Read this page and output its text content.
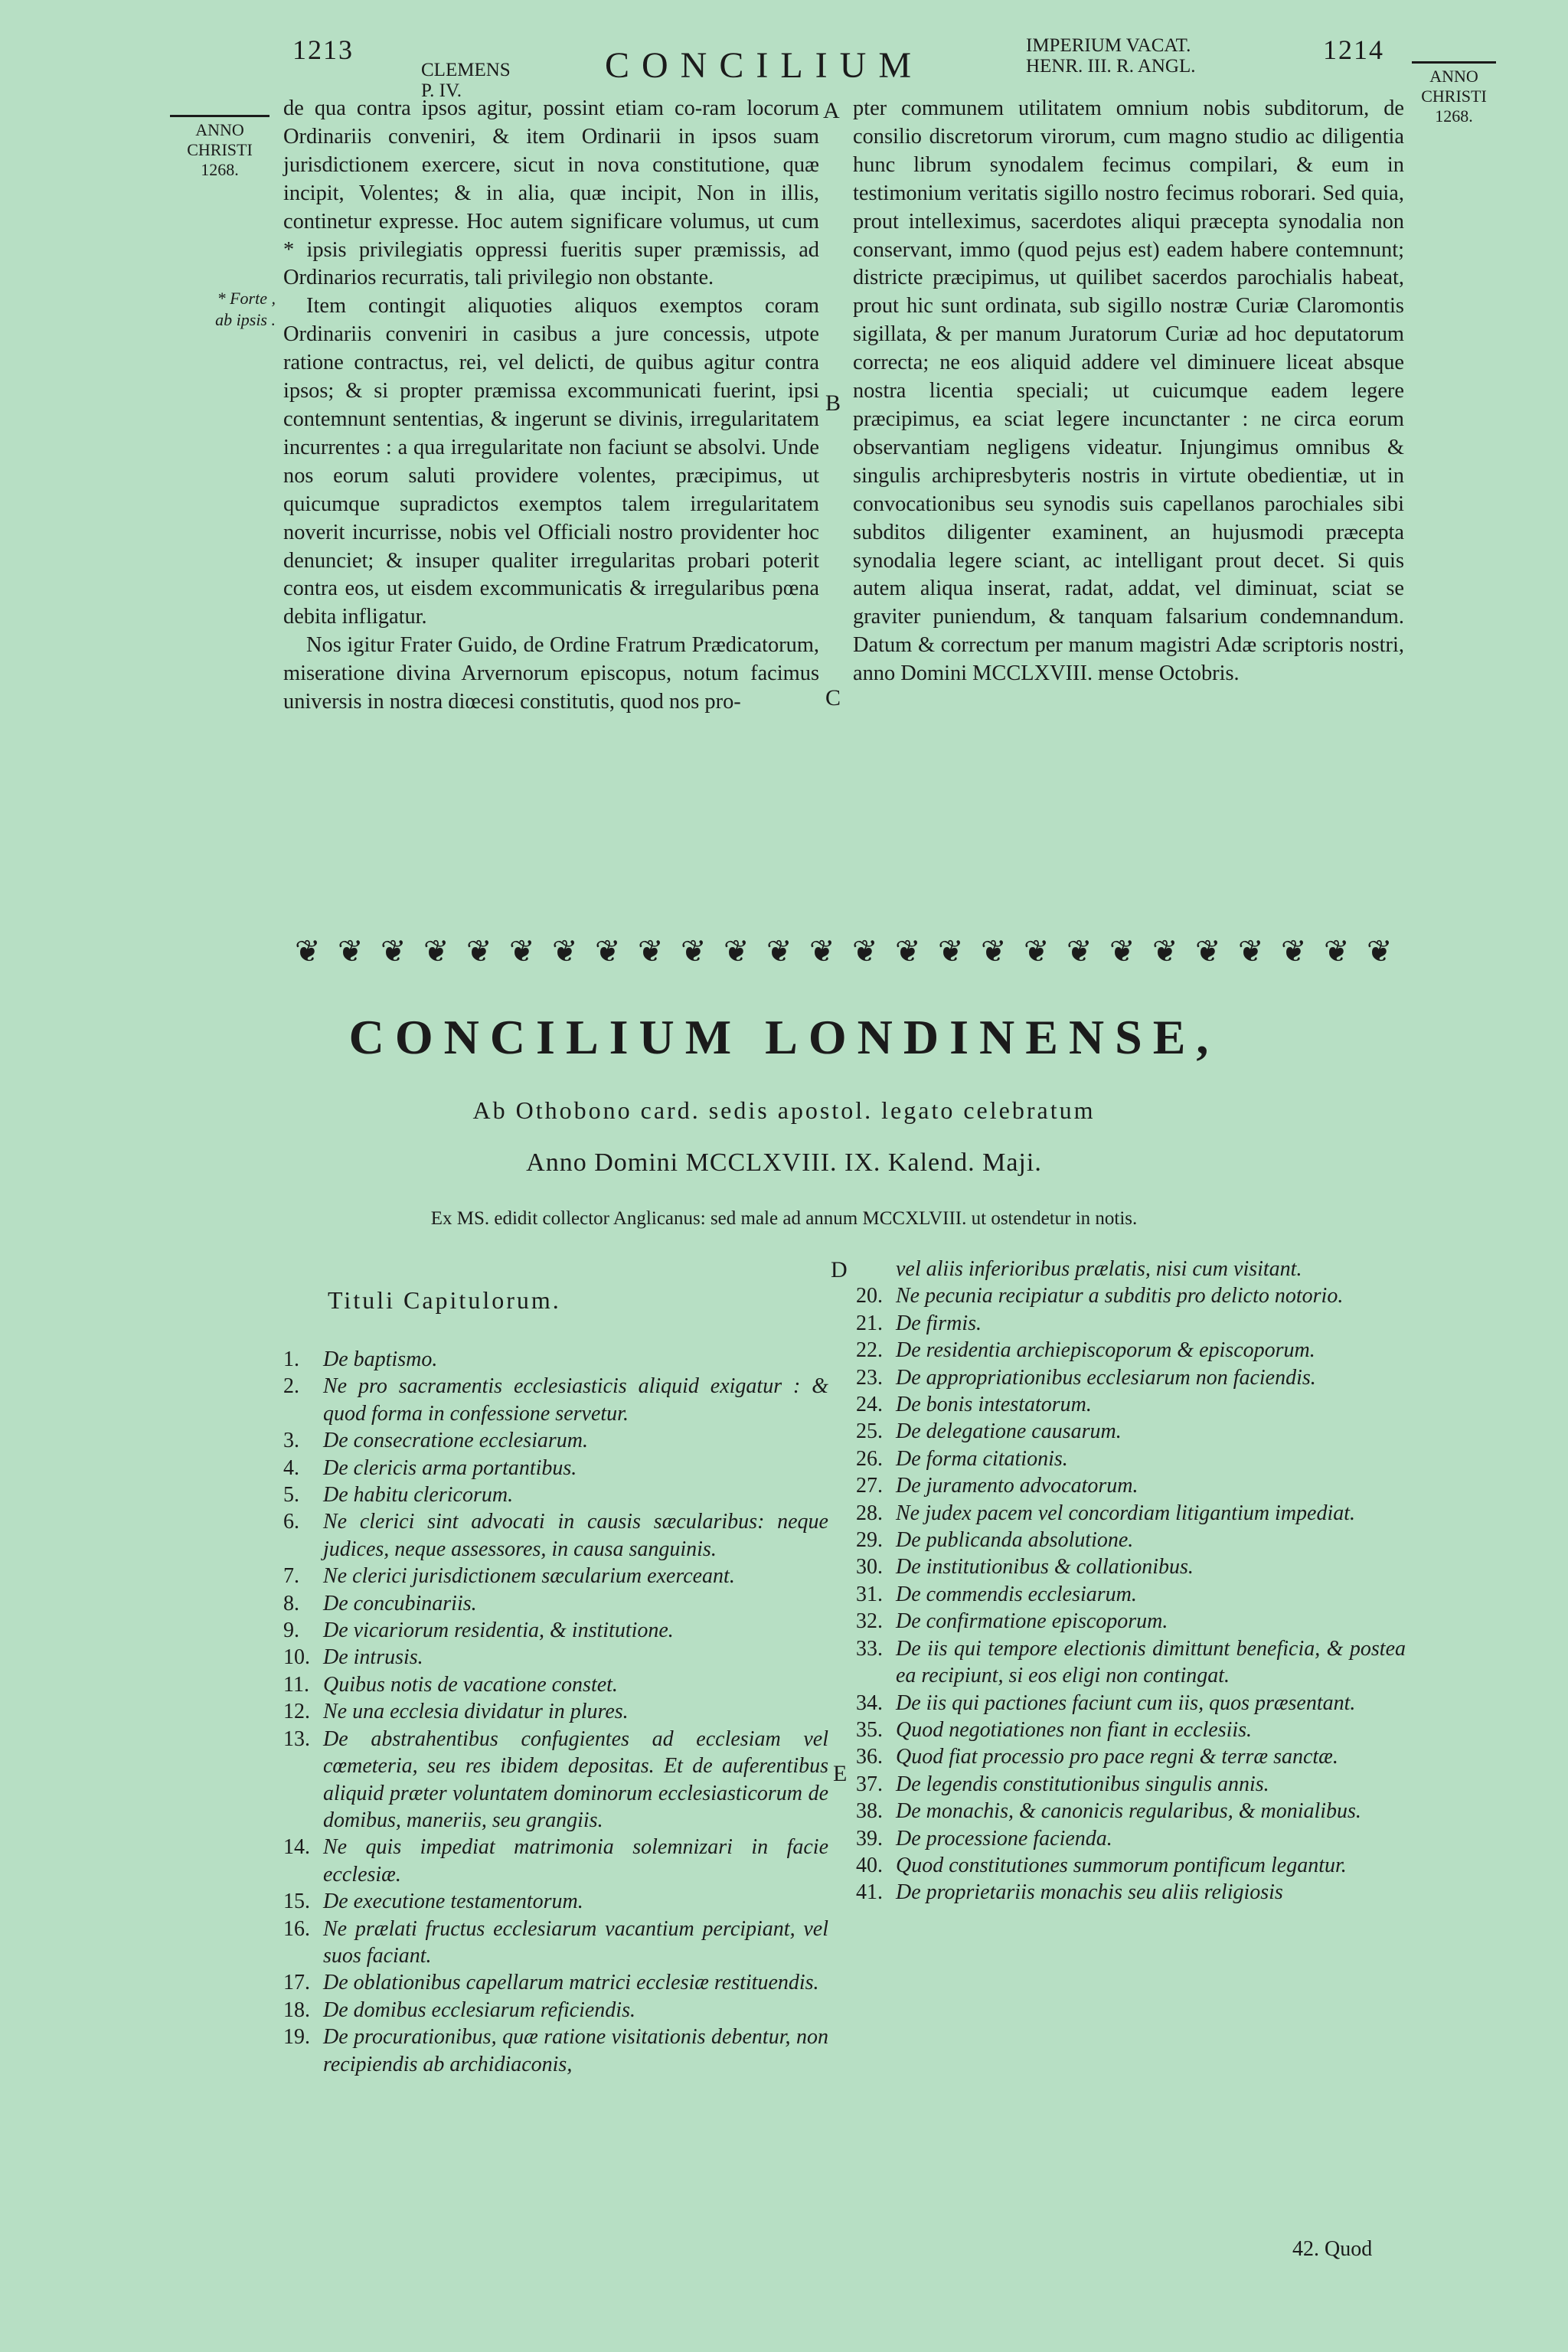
1213
CLEMENS
P. IV.
CONCILIUM	IMPERIUM VACAT.
HENR. III. R. ANGL.
1214
ANNO
CHRISTI
1268.
ANNO
CHRISTI
1268.
* Forte ,
ab ipsis .
A
B
C
D
E

de qua contra ipsos agitur, possint etiam co-ram locorum Ordinariis conveniri, & item Ordinarii in ipsos suam jurisdictionem exercere, sicut in nova constitutione, quæ incipit, Volentes; & in alia, quæ incipit, Non in illis, continetur expresse. Hoc autem significare volumus, ut cum * ipsis privilegiatis oppressi fueritis super præmissis, ad Ordinarios recurratis, tali privilegio non obstante.

Item contingit aliquoties aliquos exemptos coram Ordinariis conveniri in casibus a jure concessis, utpote ratione contractus, rei, vel delicti, de quibus agitur contra ipsos; & si propter præmissa excommunicati fuerint, ipsi contemnunt sententias, & ingerunt se divinis, irregularitatem incurrentes : a qua irregularitate non faciunt se absolvi. Unde nos eorum saluti providere volentes, præcipimus, ut quicumque supradictos exemptos talem irregularitatem noverit incurrisse, nobis vel Officiali nostro providenter hoc denunciet; & insuper qualiter irregularitas probari poterit contra eos, ut eisdem excommunicatis & irregularibus pœna debita infligatur.

Nos igitur Frater Guido, de Ordine Fratrum Prædicatorum, miseratione divina Arvernorum episcopus, notum facimus universis in nostra diœcesi constitutis, quod nos pro-

pter communem utilitatem omnium nobis subditorum, de consilio discretorum virorum, cum magno studio ac diligentia hunc librum synodalem fecimus compilari, & eum in testimonium veritatis sigillo nostro fecimus roborari. Sed quia, prout intelleximus, sacerdotes aliqui præcepta synodalia non conservant, immo (quod pejus est) eadem habere contemnunt; districte præcipimus, ut quilibet sacerdos parochialis habeat, prout hic sunt ordinata, sub sigillo nostræ Curiæ Claromontis sigillata, & per manum Juratorum Curiæ ad hoc deputatorum correcta; ne eos aliquid addere vel diminuere liceat absque nostra licentia speciali; ut cuicumque eadem legere præcipimus, ea sciat legere incunctanter : ne circa eorum observantiam negligens videatur. Injungimus omnibus & singulis archipresbyteris nostris in virtute obedientiæ, ut in convocationibus seu synodis suis capellanos parochiales sibi subditos diligenter examinent, an hujusmodi præcepta synodalia legere sciant, ac intelligant prout decet. Si quis autem aliqua inserat, radat, addat, vel diminuat, sciat se graviter puniendum, & tanquam falsarium condemnandum. Datum & correctum per manum magistri Adæ scriptoris nostri, anno Domini MCCLXVIII. mense Octobris.

❦ ❦ ❦ ❦ ❦ ❦ ❦ ❦ ❦ ❦ ❦ ❦ ❦ ❦ ❦ ❦ ❦ ❦ ❦ ❦ ❦ ❦ ❦ ❦ ❦ ❦
CONCILIUM LONDINENSE,
Ab Othobono card. sedis apostol. legato celebratum
Anno Domini MCCLXVIII. IX. Kalend. Maji.
Ex MS. edidit collector Anglicanus: sed male ad annum MCCXLVIII. ut ostendetur in notis.
Tituli Capitulorum.
1.	De baptismo.
2.	Ne pro sacramentis ecclesiasticis aliquid exigatur : & quod forma in confessione servetur.
3.	De consecratione ecclesiarum.
4.	De clericis arma portantibus.
5.	De habitu clericorum.
6.	Ne clerici sint advocati in causis sæcularibus: neque judices, neque assessores, in causa sanguinis.
7.	Ne clerici jurisdictionem sæcularium exerceant.
8.	De concubinariis.
9.	De vicariorum residentia, & institutione.
10. De intrusis.
11. Quibus notis de vacatione constet.
12. Ne una ecclesia dividatur in plures.
13. De abstrahentibus confugientes ad ecclesiam vel cœmeteria, seu res ibidem depositas. Et de auferentibus aliquid præter voluntatem dominorum ecclesiasticorum de domibus, maneriis, seu grangiis.
14. Ne quis impediat matrimonia solemnizari in facie ecclesiæ.
15. De executione testamentorum.
16. Ne prælati fructus ecclesiarum vacantium percipiant, vel suos faciant.
17. De oblationibus capellarum matrici ecclesiæ restituendis.
18. De domibus ecclesiarum reficiendis.
19. De procurationibus, quæ ratione visitationis debentur, non recipiendis ab archidiaconis,
vel aliis inferioribus prælatis, nisi cum visitant.
20. Ne pecunia recipiatur a subditis pro delicto notorio.
21. De firmis.
22. De residentia archiepiscoporum & episcoporum.
23. De appropriationibus ecclesiarum non faciendis.
24. De bonis intestatorum.
25. De delegatione causarum.
26. De forma citationis.
27. De juramento advocatorum.
28. Ne judex pacem vel concordiam litigantium impediat.
29. De publicanda absolutione.
30. De institutionibus & collationibus.
31. De commendis ecclesiarum.
32. De confirmatione episcoporum.
33. De iis qui tempore electionis dimittunt beneficia, & postea ea recipiunt, si eos eligi non contingat.
34. De iis qui pactiones faciunt cum iis, quos præsentant.
35. Quod negotiationes non fiant in ecclesiis.
36. Quod fiat processio pro pace regni & terræ sanctæ.
37. De legendis constitutionibus singulis annis.
38. De monachis, & canonicis regularibus, & monialibus.
39. De processione facienda.
40. Quod constitutiones summorum pontificum legantur.
41. De proprietariis monachis seu aliis religiosis
42. Quod
